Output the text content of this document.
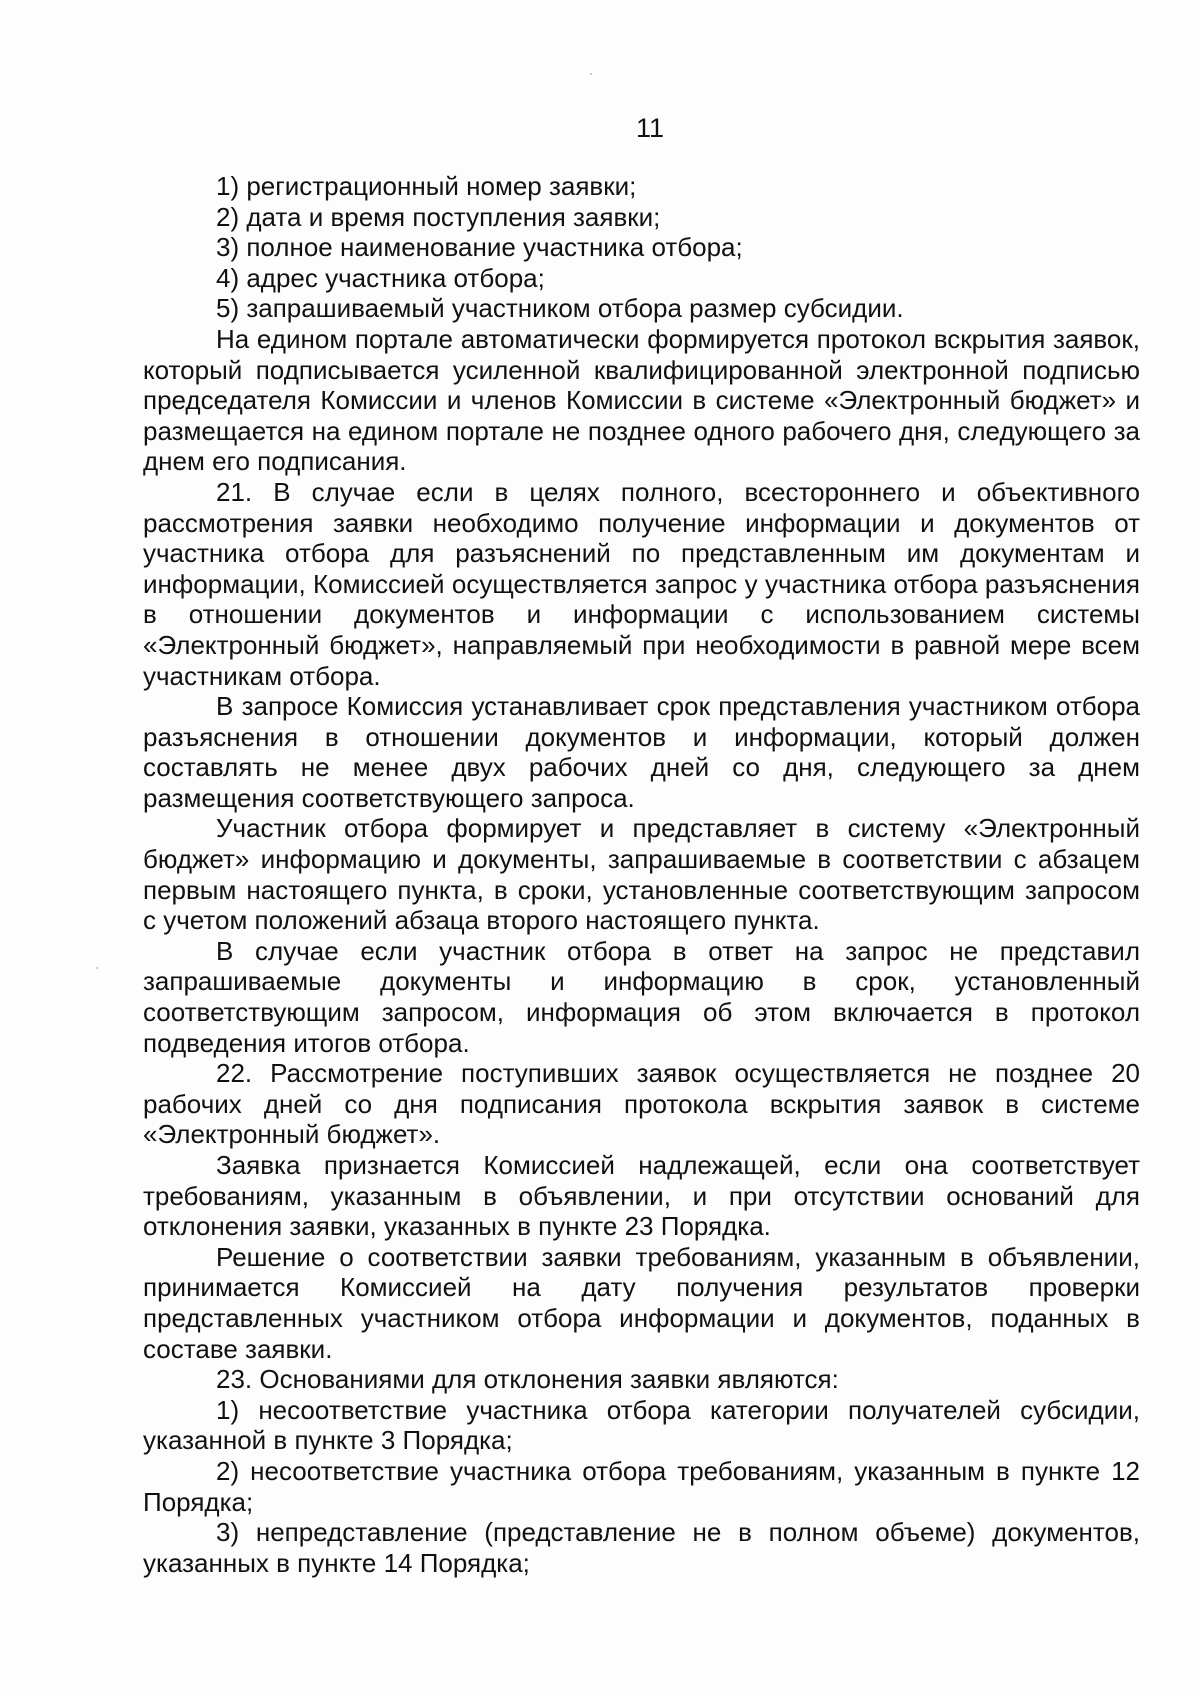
11

1) регистрационный номер заявки;

2) дата и время поступления заявки;

3) полное наименование участника отбора;

4) адрес участника отбора;

5) запрашиваемый участником отбора размер субсидии.

На едином портале автоматически формируется протокол вскрытия заявок, который подписывается усиленной квалифицированной электронной подписью председателя Комиссии и членов Комиссии в системе «Электронный бюджет» и размещается на едином портале не позднее одного рабочего дня, следующего за днем его подписания.

21. В случае если в целях полного, всестороннего и объективного рассмотрения заявки необходимо получение информации и документов от участника отбора для разъяснений по представленным им документам и информации, Комиссией осуществляется запрос у участника отбора разъяснения в отношении документов и информации с использованием системы «Электронный бюджет», направляемый при необходимости в равной мере всем участникам отбора.

В запросе Комиссия устанавливает срок представления участником отбора разъяснения в отношении документов и информации, который должен составлять не менее двух рабочих дней со дня, следующего за днем размещения соответствующего запроса.

Участник отбора формирует и представляет в систему «Электронный бюджет» информацию и документы, запрашиваемые в соответствии с абзацем первым настоящего пункта, в сроки, установленные соответствующим запросом с учетом положений абзаца второго настоящего пункта.

В случае если участник отбора в ответ на запрос не представил запрашиваемые документы и информацию в срок, установленный соответствующим запросом, информация об этом включается в протокол подведения итогов отбора.

22. Рассмотрение поступивших заявок осуществляется не позднее 20 рабочих дней со дня подписания протокола вскрытия заявок в системе «Электронный бюджет».

Заявка признается Комиссией надлежащей, если она соответствует требованиям, указанным в объявлении, и при отсутствии оснований для отклонения заявки, указанных в пункте 23 Порядка.

Решение о соответствии заявки требованиям, указанным в объявлении, принимается Комиссией на дату получения результатов проверки представленных участником отбора информации и документов, поданных в составе заявки.

23. Основаниями для отклонения заявки являются:

1) несоответствие участника отбора категории получателей субсидии, указанной в пункте 3 Порядка;

2) несоответствие участника отбора требованиям, указанным в пункте 12 Порядка;

3) непредставление (представление не в полном объеме) документов, указанных в пункте 14 Порядка;
